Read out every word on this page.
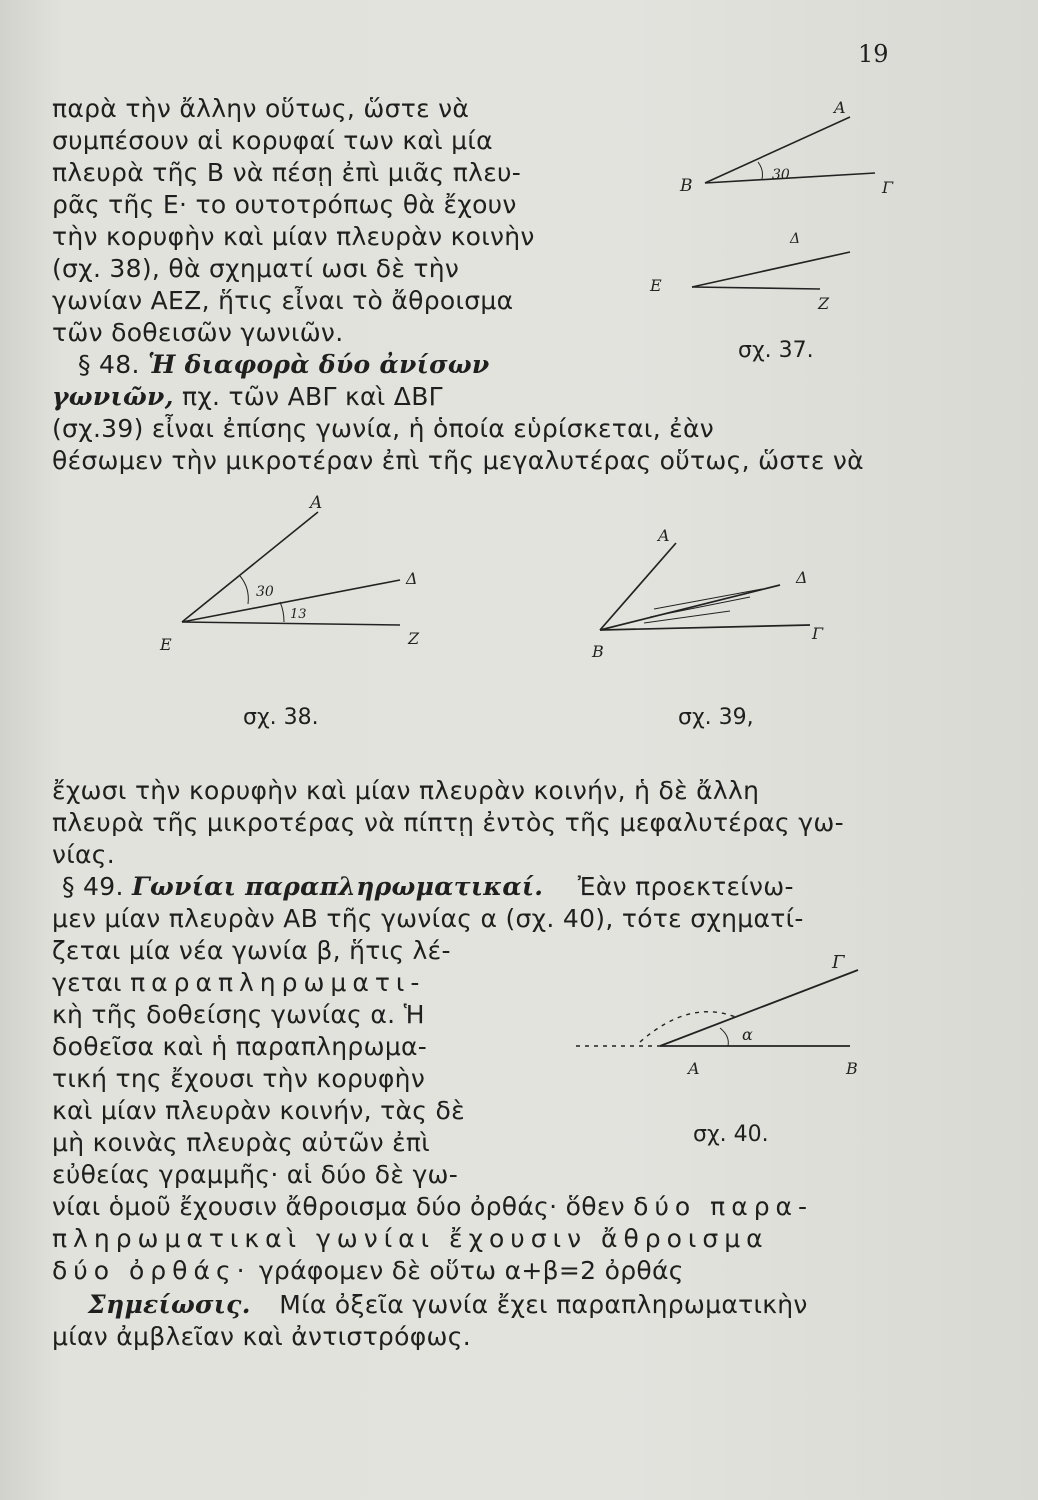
19
παρὰ τὴν ἄλλην οὕτως, ὥστε νὰ
συμπέσουν αἱ κορυφαί των καὶ μία
πλευρὰ τῆς Β νὰ πέσῃ ἐπὶ μιᾶς πλευ-
ρᾶς τῆς Ε· το ουτοτρόπως θὰ ἔχουν
τὴν κορυφὴν καὶ μίαν πλευρὰν κοινὴν
(σχ. 38), θὰ σχηματί ωσι δὲ τὴν
γωνίαν ΑΕΖ, ἥτις εἶναι τὸ ἄθροισμα
τῶν δοθεισῶν γωνιῶν.
§ 48. Ἡ διαφορὰ δύο ἀνίσων
γωνιῶν, πχ. τῶν ΑΒΓ καὶ ΔΒΓ
(σχ.39) εἶναι ἐπίσης γωνία, ἡ ὁποία εὑρίσκεται, ἐὰν
θέσωμεν τὴν μικροτέραν ἐπὶ τῆς μεγαλυτέρας οὕτως, ὥστε νὰ
Α
30
Β	Γ
Δ
Ε
Ζ
σχ. 37.
Α
30
Δ
13
Ε	Ζ
σχ. 38.
Α
Δ
Γ
Β
σχ. 39,
ἔχωσι τὴν κορυφὴν καὶ μίαν πλευρὰν κοινήν, ἡ δὲ ἄλλη
πλευρὰ τῆς μικροτέρας νὰ πίπτῃ ἐντὸς τῆς μεφαλυτέρας γω-
νίας.
§ 49. Γωνίαι παραπληρωματικαί. Ἐὰν προεκτείνω-
μεν μίαν πλευρὰν ΑΒ τῆς γωνίας α (σχ. 40), τότε σχηματί-
ζεται μία νέα γωνία β, ἥτις λέ-
γεται παραπληρωματι-
κὴ τῆς δοθείσης γωνίας α. Ἡ
δοθεῖσα καὶ ἡ παραπληρωμα-
τική της ἔχουσι τὴν κορυφὴν
καὶ μίαν πλευρὰν κοινήν, τὰς δὲ
μὴ κοινὰς πλευρὰς αὐτῶν ἐπὶ
εὐθείας γραμμῆς· αἱ δύο δὲ γω-
νίαι ὁμοῦ ἔχουσιν ἄθροισμα δύο ὀρθάς· ὅθεν δύο παρα-
πληρωματικαὶ γωνίαι ἔχουσιν ἄθροισμα
δύο ὀρθάς· γράφομεν δὲ οὕτω α+β=2 ὀρθάς
Γ
α
Α	Β
σχ. 40.
Σημείωσις. Μία ὀξεῖα γωνία ἔχει παραπληρωματικὴν
μίαν ἀμβλεῖαν καὶ ἀντιστρόφως.
